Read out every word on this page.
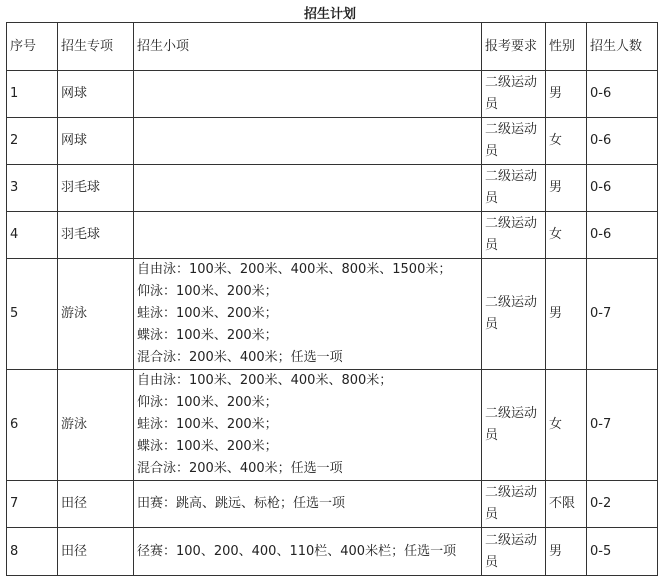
招生计划
序号	招生专项	招生小项	报考要求	性别	招生人数
1	网球		二级运动员	男	0-6
2	网球		二级运动员	女	0-6
3	羽毛球		二级运动员	男	0-6
4	羽毛球		二级运动员	女	0-6
5	游泳	自由泳：100米、200米、400米、800米、1500米；
仰泳：100米、200米；
蛙泳：100米、200米；
蝶泳：100米、200米；
混合泳：200米、400米；任选一项	二级运动员	男	0-7
6	游泳	自由泳：100米、200米、400米、800米；
仰泳：100米、200米；
蛙泳：100米、200米；
蝶泳：100米、200米；
混合泳：200米、400米；任选一项	二级运动员	女	0-7
7	田径	田赛：跳高、跳远、标枪；任选一项	二级运动员	不限	0-2
8	田径	径赛：100、200、400、110栏、400米栏；任选一项	二级运动员	男	0-5
